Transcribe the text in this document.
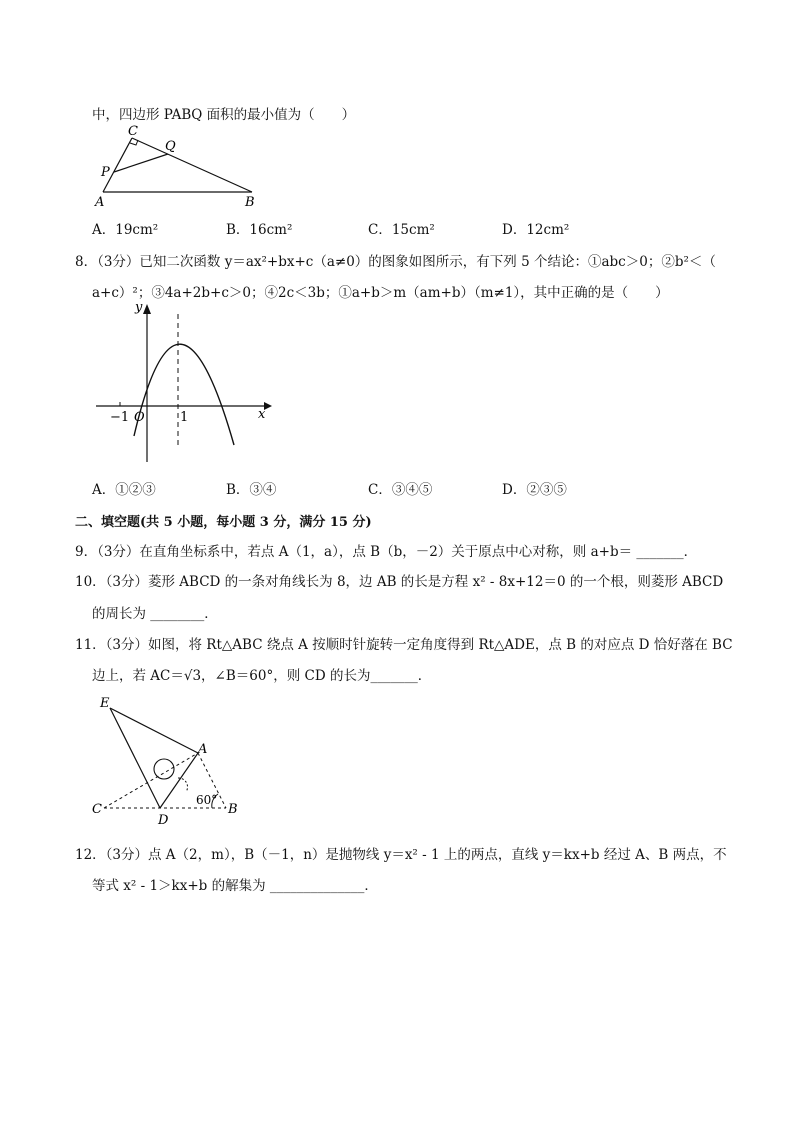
中，四边形 PABQ 面积的最小值为（　　）
C
Q
P
A	B
A．19cm²	B．16cm²	C．15cm²	D．12cm²
8．（3分）已知二次函数 y＝ax²+bx+c（a≠0）的图象如图所示，有下列 5 个结论：①abc＞0；②b²＜（
a+c）²；③4a+2b+c＞0；④2c＜3b；①a+b＞m（am+b）（m≠1），其中正确的是（　　）
y
x
−1 O	1
A．①②③	B．③④	C．③④⑤	D．②③⑤
二、填空题(共 5 小题，每小题 3 分，满分 15 分)
9．（3分）在直角坐标系中，若点 A（1，a），点 B（b，－2）关于原点中心对称，则 a+b＝ _______．
10．（3分）菱形 ABCD 的一条对角线长为 8，边 AB 的长是方程 x² - 8x+12＝0 的一个根，则菱形 ABCD
的周长为 ________．
11．（3分）如图，将 Rt△ABC 绕点 A 按顺时针旋转一定角度得到 Rt△ADE，点 B 的对应点 D 恰好落在 BC
边上，若 AC＝√3，∠B＝60°，则 CD 的长为_______．
E
A
C
D
B
60°
12．（3分）点 A（2，m），B（－1，n）是抛物线 y＝x² - 1 上的两点，直线 y＝kx+b 经过 A、B 两点，不
等式 x² - 1＞kx+b 的解集为 ______________．
